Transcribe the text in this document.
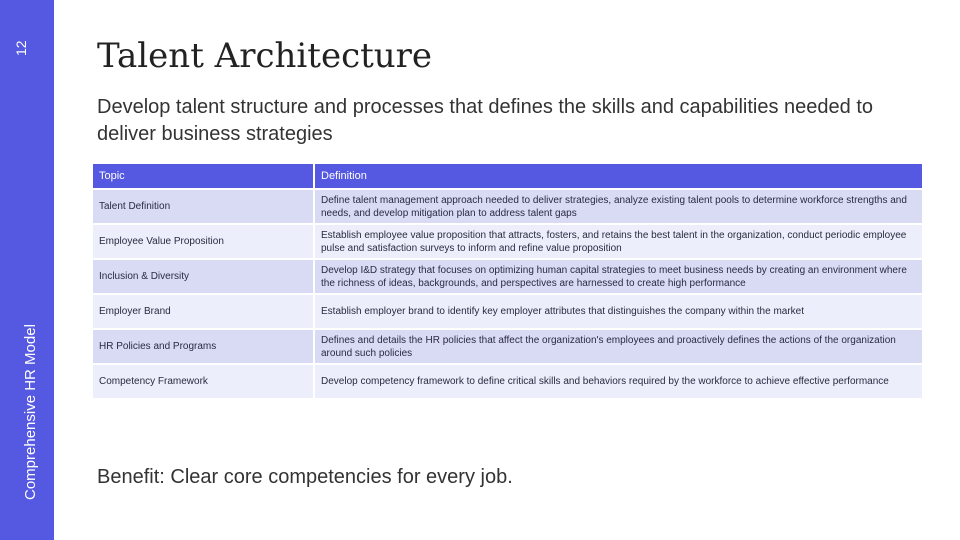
12
Comprehensive HR Model
Talent Architecture
Develop talent structure and processes that defines the skills and capabilities needed to deliver business strategies
Topic	Definition
Talent Definition	Define talent management approach needed to deliver strategies, analyze existing talent pools to determine workforce strengths and needs, and develop mitigation plan to address talent gaps
Employee Value Proposition	Establish employee value proposition that attracts, fosters, and retains the best talent in the organization, conduct periodic employee pulse and satisfaction surveys to inform and refine value proposition
Inclusion & Diversity	Develop I&D strategy that focuses on optimizing human capital strategies to meet business needs by creating an environment where the richness of ideas, backgrounds, and perspectives are harnessed to create high performance
Employer Brand	Establish employer brand to identify key employer attributes that distinguishes the company within the market
HR Policies and Programs	Defines and details the HR policies that affect the organization's employees and proactively defines the actions of the organization around such policies
Competency Framework	Develop competency framework to define critical skills and behaviors required by the workforce to achieve effective performance
Benefit: Clear core competencies for every job.
